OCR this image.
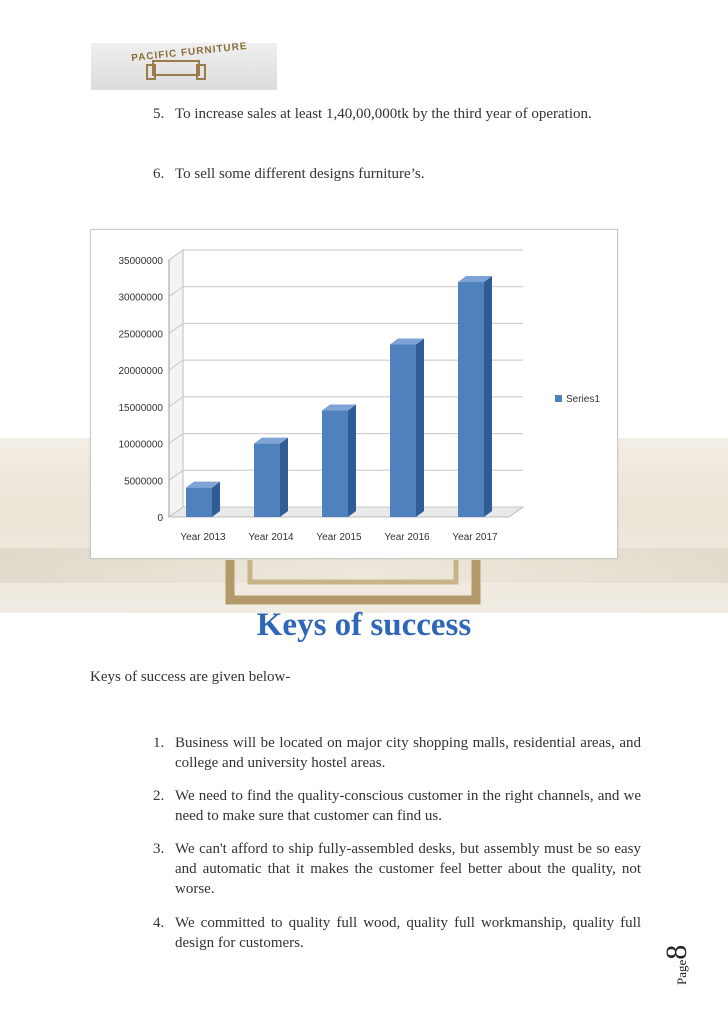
PACIFIC FURNITURE
5. To increase sales at least 1,40,00,000tk by the third year of operation.
6. To sell some different designs furniture’s.
0
5000000
10000000
15000000
20000000
25000000
30000000
35000000
Year 2013 Year 2014 Year 2015 Year 2016 Year 2017
Series1
Keys of success
Keys of success are given below-
1. Business will be located on major city shopping malls, residential areas, and college and university hostel areas.
2. We need to find the quality-conscious customer in the right channels, and we need to make sure that customer can find us.
3. We can't afford to ship fully-assembled desks, but assembly must be so easy and automatic that it makes the customer feel better about the quality, not worse.
4. We committed to quality full wood, quality full workmanship, quality full design for customers.
Page8
